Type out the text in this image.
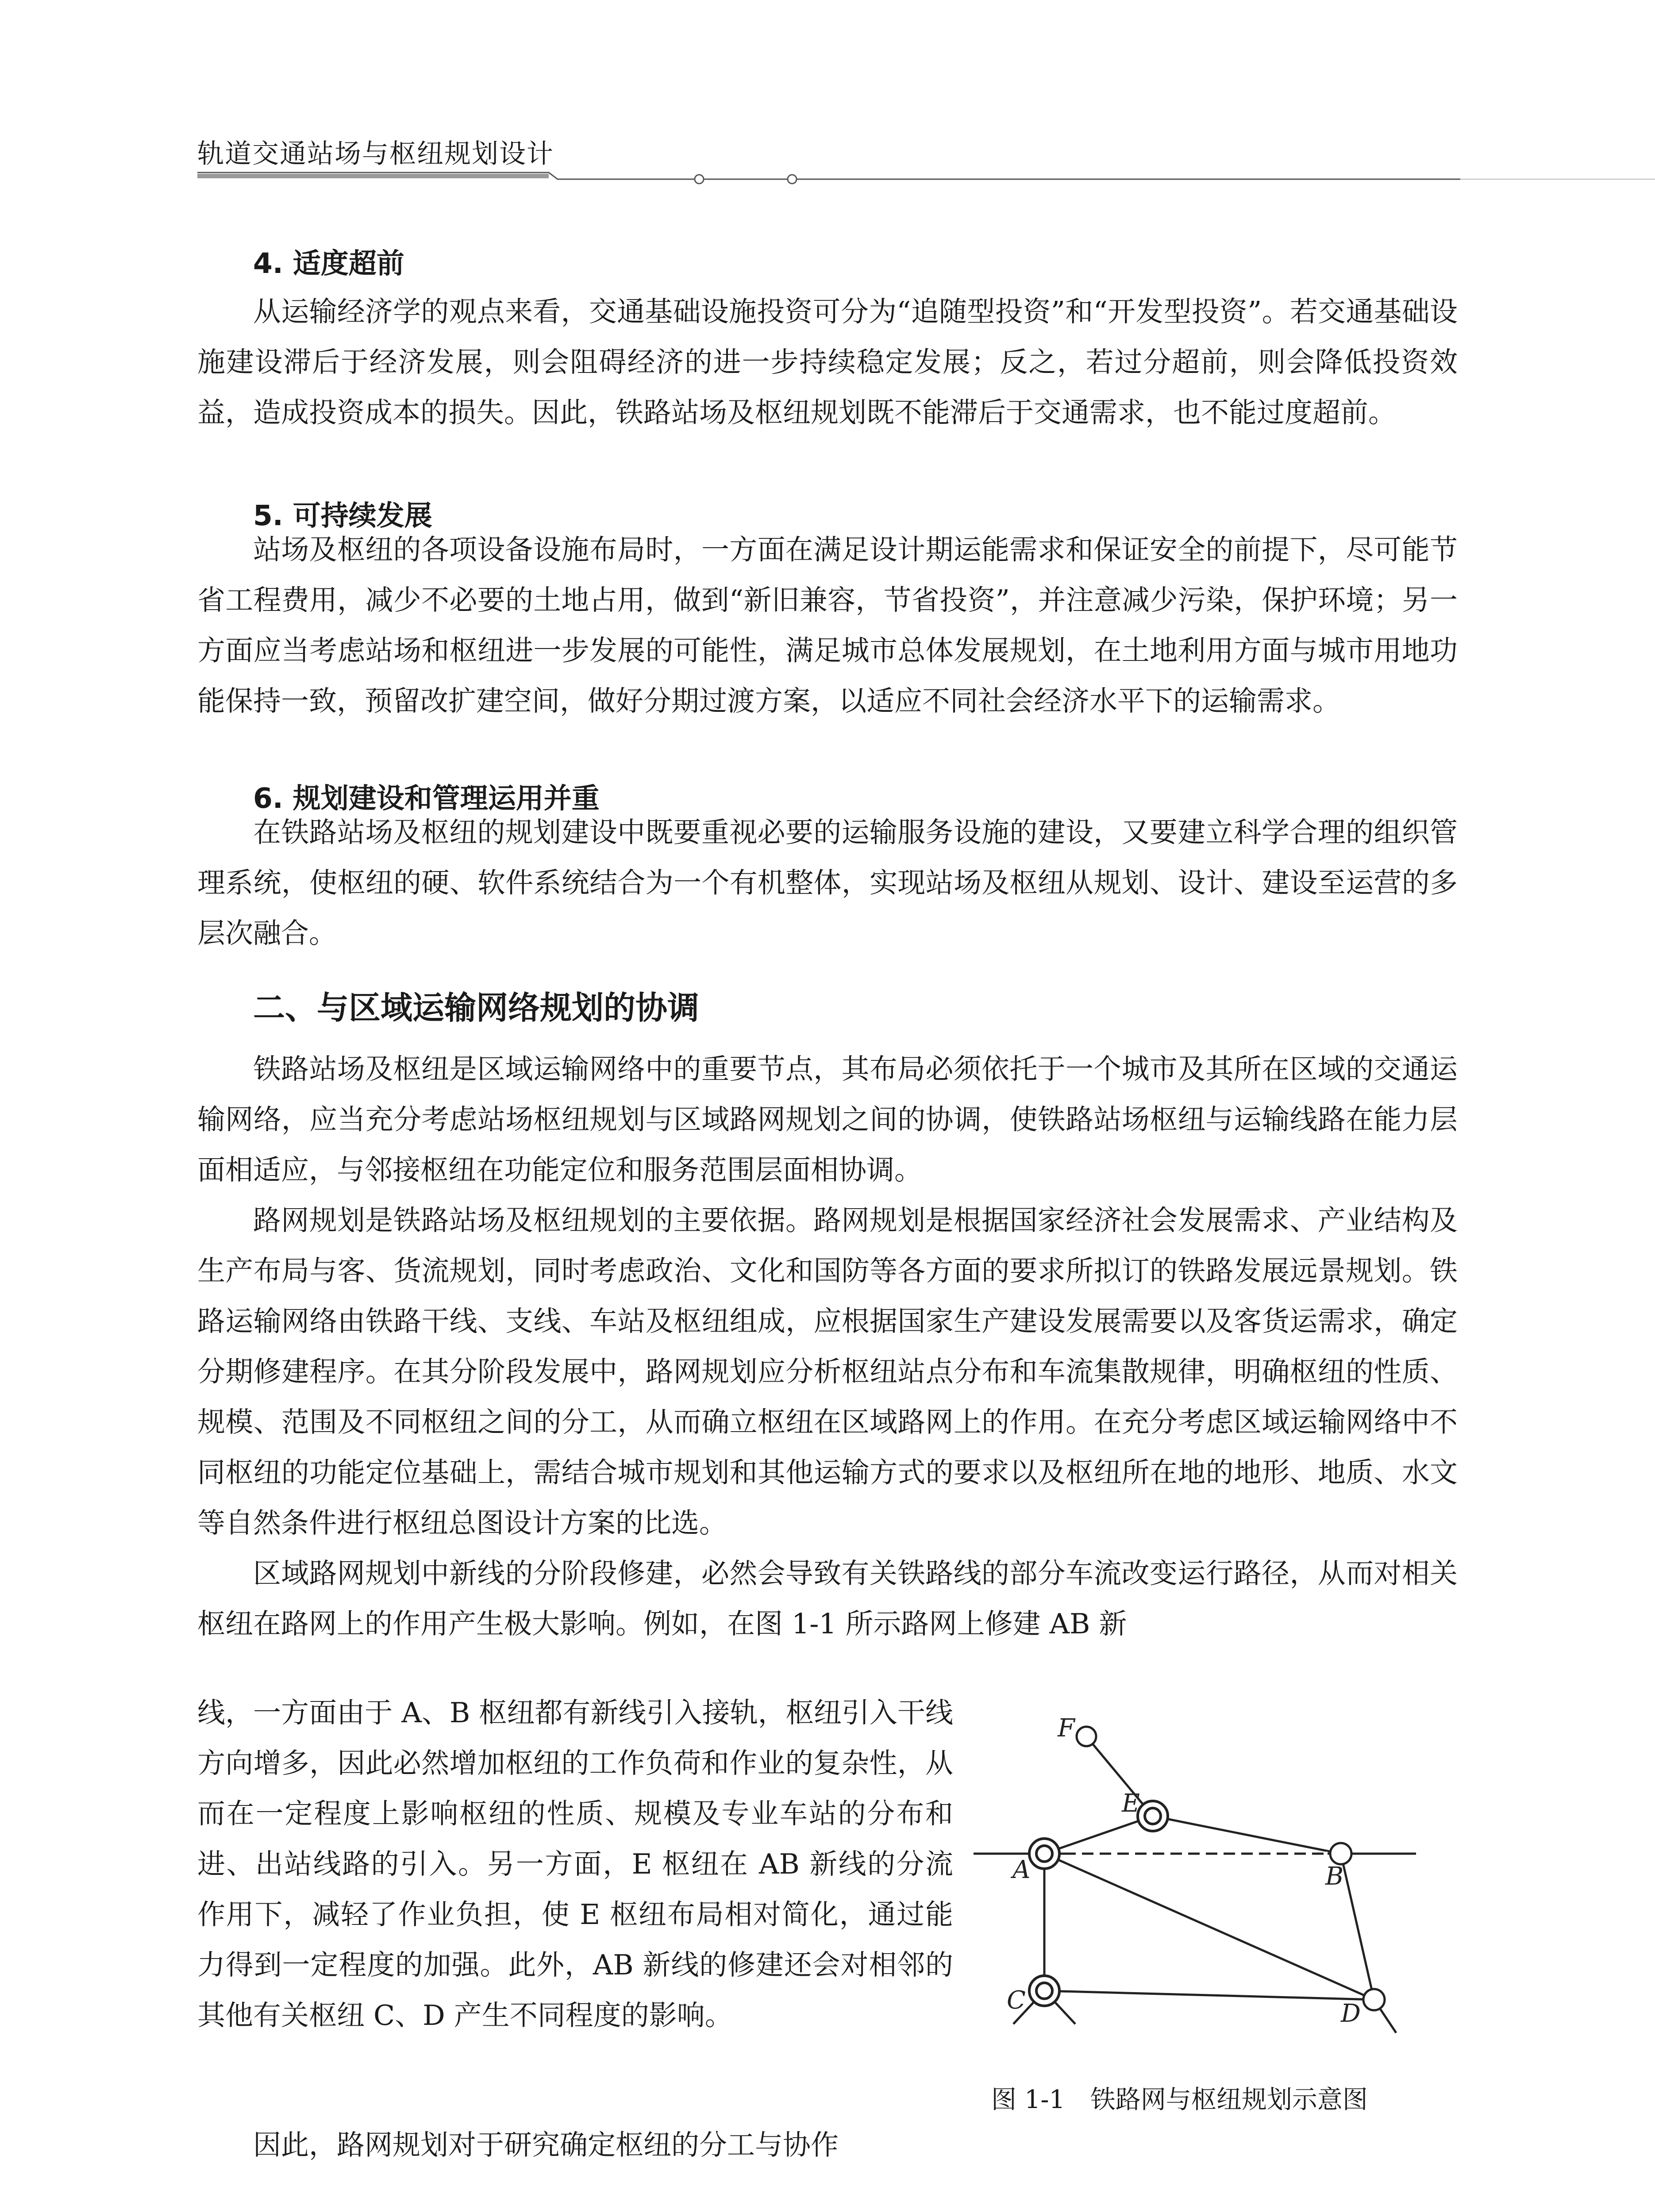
轨道交通站场与枢纽规划设计
4. 适度超前

从运输经济学的观点来看，交通基础设施投资可分为“追随型投资”和“开发型投资”。若交通基础设施建设滞后于经济发展，则会阻碍经济的进一步持续稳定发展；反之，若过分超前，则会降低投资效益，造成投资成本的损失。因此，铁路站场及枢纽规划既不能滞后于交通需求，也不能过度超前。

5. 可持续发展

站场及枢纽的各项设备设施布局时，一方面在满足设计期运能需求和保证安全的前提下，尽可能节省工程费用，减少不必要的土地占用，做到“新旧兼容，节省投资”，并注意减少污染，保护环境；另一方面应当考虑站场和枢纽进一步发展的可能性，满足城市总体发展规划，在土地利用方面与城市用地功能保持一致，预留改扩建空间，做好分期过渡方案，以适应不同社会经济水平下的运输需求。

6. 规划建设和管理运用并重

在铁路站场及枢纽的规划建设中既要重视必要的运输服务设施的建设，又要建立科学合理的组织管理系统，使枢纽的硬、软件系统结合为一个有机整体，实现站场及枢纽从规划、设计、建设至运营的多层次融合。

二、与区域运输网络规划的协调

铁路站场及枢纽是区域运输网络中的重要节点，其布局必须依托于一个城市及其所在区域的交通运输网络，应当充分考虑站场枢纽规划与区域路网规划之间的协调，使铁路站场枢纽与运输线路在能力层面相适应，与邻接枢纽在功能定位和服务范围层面相协调。

路网规划是铁路站场及枢纽规划的主要依据。路网规划是根据国家经济社会发展需求、产业结构及生产布局与客、货流规划，同时考虑政治、文化和国防等各方面的要求所拟订的铁路发展远景规划。铁路运输网络由铁路干线、支线、车站及枢纽组成，应根据国家生产建设发展需要以及客货运需求，确定分期修建程序。在其分阶段发展中，路网规划应分析枢纽站点分布和车流集散规律，明确枢纽的性质、规模、范围及不同枢纽之间的分工，从而确立枢纽在区域路网上的作用。在充分考虑区域运输网络中不同枢纽的功能定位基础上，需结合城市规划和其他运输方式的要求以及枢纽所在地的地形、地质、水文等自然条件进行枢纽总图设计方案的比选。

区域路网规划中新线的分阶段修建，必然会导致有关铁路线的部分车流改变运行路径，从而对相关枢纽在路网上的作用产生极大影响。例如，在图 1-1 所示路网上修建 AB 新

线，一方面由于 A、B 枢纽都有新线引入接轨，枢纽引入干线方向增多，因此必然增加枢纽的工作负荷和作业的复杂性，从而在一定程度上影响枢纽的性质、规模及专业车站的分布和进、出站线路的引入。另一方面，E 枢纽在 AB 新线的分流作用下，减轻了作业负担，使 E 枢纽布局相对简化，通过能力得到一定程度的加强。此外，AB 新线的修建还会对相邻的其他有关枢纽 C、D 产生不同程度的影响。

因此，路网规划对于研究确定枢纽的分工与协作
F
E
A	B
C	D
图 1-1　铁路网与枢纽规划示意图
